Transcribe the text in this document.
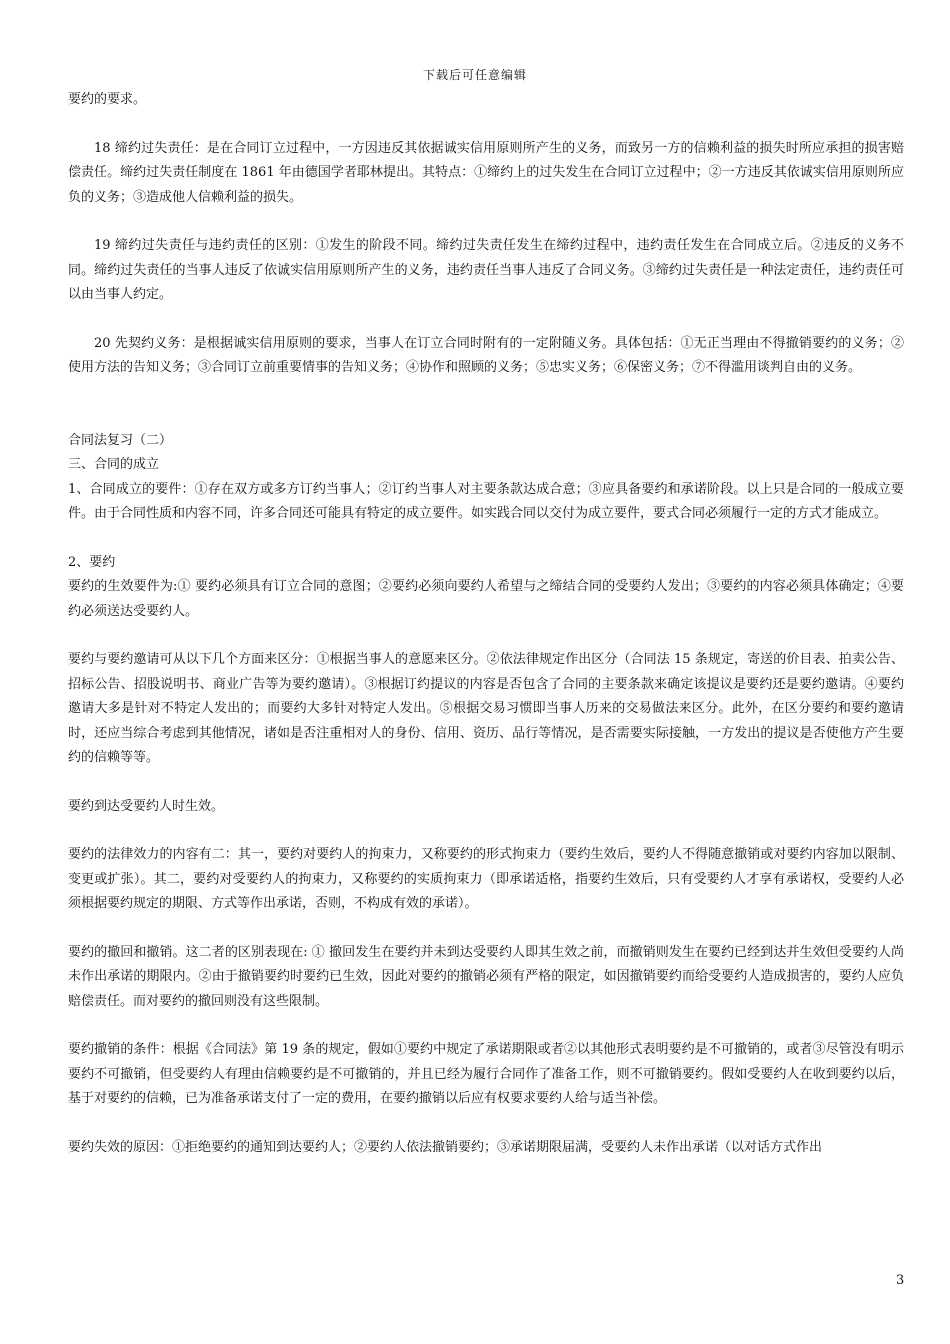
下载后可任意编辑

要约的要求。

18 缔约过失责任：是在合同订立过程中，一方因违反其依据诚实信用原则所产生的义务，而致另一方的信赖利益的损失时所应承担的损害赔偿责任。缔约过失责任制度在 1861 年由德国学者耶林提出。其特点：①缔约上的过失发生在合同订立过程中；②一方违反其依诚实信用原则所应负的义务；③造成他人信赖利益的损失。

19 缔约过失责任与违约责任的区别：①发生的阶段不同。缔约过失责任发生在缔约过程中，违约责任发生在合同成立后。②违反的义务不同。缔约过失责任的当事人违反了依诚实信用原则所产生的义务，违约责任当事人违反了合同义务。③缔约过失责任是一种法定责任，违约责任可以由当事人约定。

20 先契约义务：是根据诚实信用原则的要求，当事人在订立合同时附有的一定附随义务。具体包括：①无正当理由不得撤销要约的义务；②使用方法的告知义务；③合同订立前重要情事的告知义务；④协作和照顾的义务；⑤忠实义务；⑥保密义务；⑦不得滥用谈判自由的义务。

合同法复习（二）

三、合同的成立

1、合同成立的要件：①存在双方或多方订约当事人；②订约当事人对主要条款达成合意；③应具备要约和承诺阶段。以上只是合同的一般成立要件。由于合同性质和内容不同，许多合同还可能具有特定的成立要件。如实践合同以交付为成立要件，要式合同必须履行一定的方式才能成立。

2、要约

要约的生效要件为:① 要约必须具有订立合同的意图；②要约必须向要约人希望与之缔结合同的受要约人发出；③要约的内容必须具体确定；④要约必须送达受要约人。

要约与要约邀请可从以下几个方面来区分：①根据当事人的意愿来区分。②依法律规定作出区分（合同法 15 条规定，寄送的价目表、拍卖公告、招标公告、招股说明书、商业广告等为要约邀请）。③根据订约提议的内容是否包含了合同的主要条款来确定该提议是要约还是要约邀请。④要约邀请大多是针对不特定人发出的；而要约大多针对特定人发出。⑤根据交易习惯即当事人历来的交易做法来区分。此外，在区分要约和要约邀请时，还应当综合考虑到其他情况，诸如是否注重相对人的身份、信用、资历、品行等情况，是否需要实际接触，一方发出的提议是否使他方产生要约的信赖等等。

要约到达受要约人时生效。

要约的法律效力的内容有二：其一，要约对要约人的拘束力，又称要约的形式拘束力（要约生效后，要约人不得随意撤销或对要约内容加以限制、变更或扩张）。其二，要约对受要约人的拘束力，又称要约的实质拘束力（即承诺适格，指要约生效后，只有受要约人才享有承诺权，受要约人必须根据要约规定的期限、方式等作出承诺，否则，不构成有效的承诺）。

要约的撤回和撤销。这二者的区别表现在: ① 撤回发生在要约并未到达受要约人即其生效之前，而撤销则发生在要约已经到达并生效但受要约人尚未作出承诺的期限内。②由于撤销要约时要约已生效，因此对要约的撤销必须有严格的限定，如因撤销要约而给受要约人造成损害的，要约人应负赔偿责任。而对要约的撤回则没有这些限制。

要约撤销的条件：根据《合同法》第 19 条的规定，假如①要约中规定了承诺期限或者②以其他形式表明要约是不可撤销的，或者③尽管没有明示要约不可撤销，但受要约人有理由信赖要约是不可撤销的，并且已经为履行合同作了准备工作，则不可撤销要约。假如受要约人在收到要约以后，基于对要约的信赖，已为准备承诺支付了一定的费用，在要约撤销以后应有权要求要约人给与适当补偿。

要约失效的原因：①拒绝要约的通知到达要约人；②要约人依法撤销要约；③承诺期限届满，受要约人未作出承诺（以对话方式作出

3
